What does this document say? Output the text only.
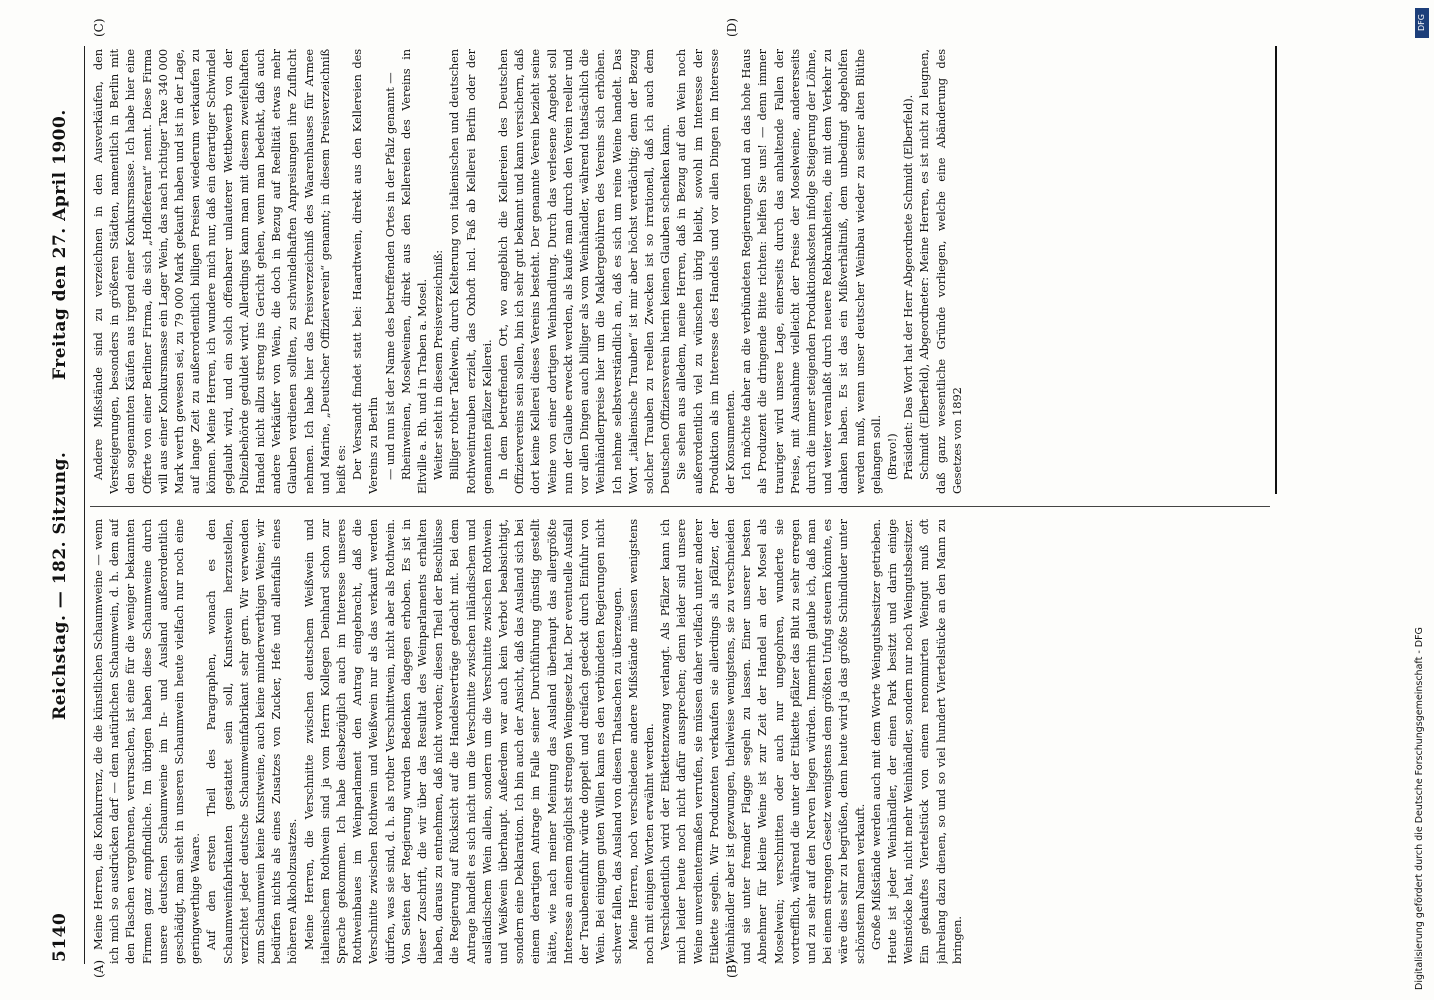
5140
Reichstag. — 182. Sitzung.
Freitag den 27. April 1900.
(A)	(B)
(C)	(D)

Meine Herren, die Konkurrenz, die die künstlichen Schaumweine — wenn ich mich so ausdrücken darf — dem natürlichen Schaumwein, d. h. dem auf den Flaschen vergohrenen, verursachen, ist eine für die weniger bekannten Firmen ganz empfindliche. Im übrigen haben diese Schaumweine durch unsere deutschen Schaumweine im In- und Ausland außerordentlich geschädigt, man sieht in unseren Schaumwein heute vielfach nur noch eine geringwerthige Waare. Auf den ersten Theil des Paragraphen, wonach es den Schaumweinfabrikanten gestattet sein soll, Kunstwein herzustellen, verzichtet jeder deutsche Schaumweinfabrikant sehr gern. Wir verwenden zum Schaumwein keine Kunstweine, auch keine minderwerthigen Weine; wir bedürfen nichts als eines Zusatzes von Zucker, Hefe und allenfalls eines höheren Alkoholzusatzes. Meine Herren, die Verschnitte zwischen deutschem Weißwein und italienischem Rothwein sind ja vom Herrn Kollegen Deinhard schon zur Sprache gekommen. Ich habe diesbezüglich auch im Interesse unseres Rothweinbaues im Weinparlament den Antrag eingebracht, daß die Verschnitte zwischen Rothwein und Weißwein nur als das verkauft werden dürfen, was sie sind, d. h. als rother Verschnittwein, nicht aber als Rothwein. Von Seiten der Regierung wurden Bedenken dagegen erhoben. Es ist in dieser Zuschrift, die wir über das Resultat des Weinparlaments erhalten haben, daraus zu entnehmen, daß nicht worden; diesen Theil der Beschlüsse die Regierung auf Rücksicht auf die Handelsverträge gedacht mit. Bei dem Antrage handelt es sich nicht um die Verschnitte zwischen inländischem und ausländischem Wein allein, sondern um die Verschnitte zwischen Rothwein und Weißwein überhaupt. Außerdem war auch kein Verbot beabsichtigt, sondern eine Deklaration. Ich bin auch der Ansicht, daß das Ausland sich bei einem derartigen Antrage im Falle seiner Durchführung günstig gestellt hätte, wie nach meiner Meinung das Ausland überhaupt das allergrößte Interesse an einem möglichst strengen Weingesetz hat. Der eventuelle Ausfall der Traubeneinfuhr würde doppelt und dreifach gedeckt durch Einfuhr von Wein. Bei einigem guten Willen kann es den verbündeten Regierungen nicht schwer fallen, das Ausland von diesen Thatsachen zu überzeugen. Meine Herren, noch verschiedene andere Mißstände müssen wenigstens noch mit einigen Worten erwähnt werden. Verschiedentlich wird der Etikettenzwang verlangt. Als Pfälzer kann ich mich leider heute noch nicht dafür aussprechen; denn leider sind unsere Weine unverdientermaßen verrufen, sie müssen daher vielfach unter anderer Etikette segeln. Wir Produzenten verkaufen sie allerdings als pfälzer, der Weinhändler aber ist gezwungen, theilweise wenigstens, sie zu verschneiden und sie unter fremder Flagge segeln zu lassen. Einer unserer besten Abnehmer für kleine Weine ist zur Zeit der Handel an der Mosel als Moselwein; verschnitten oder auch nur ungegohren, wunderte sie vortrefflich, während die unter der Etikette pfälzer das Blut zu sehr erregen und zu sehr auf den Nerven liegen würden. Immerhin glaube ich, daß man bei einem strengen Gesetz wenigstens dem größten Unfug steuern könnte, es wäre dies sehr zu begrüßen, denn heute wird ja das größte Schindluder unter schönstem Namen verkauft. Große Mißstände werden auch mit dem Worte Weingutsbesitzer getrieben. Heute ist jeder Weinhändler, der einen Park besitzt und darin einige Weinstöcke hat, nicht mehr Weinhändler, sondern nur noch Weingutsbesitzer. Ein gekauftes Viertelstück von einem renommirten Weingut muß oft jahrelang dazu dienen, so und so viel hundert Viertelstücke an den Mann zu bringen.

Andere Mißstände sind zu verzeichnen in den Ausverkäufen, den Versteigerungen, besonders in größeren Städten, namentlich in Berlin mit den sogenannten Käufen aus irgend einer Konkursmasse. Ich habe hier eine Offerte von einer Berliner Firma, die sich „Hoflieferant“ nennt. Diese Firma will aus einer Konkursmasse ein Lager Wein, das nach richtiger Taxe 340 000 Mark werth gewesen sei, zu 79 000 Mark gekauft haben und ist in der Lage, auf lange Zeit zu außerordentlich billigen Preisen wiederum verkaufen zu können. Meine Herren, ich wundere mich nur, daß ein derartiger Schwindel geglaubt wird, und ein solch offenbarer unlauterer Wettbewerb von der Polizeibehörde geduldet wird. Allerdings kann man mit diesem zweifelhaften Handel nicht allzu streng ins Gericht gehen, wenn man bedenkt, daß auch andere Verkäufer von Wein, die doch in Bezug auf Reellität etwas mehr Glauben verdienen sollten, zu schwindelhaften Anpreisungen ihre Zuflucht nehmen. Ich habe hier das Preisverzeichniß des Waarenhauses für Armee und Marine, „Deutscher Offizierverein“ genannt; in diesem Preisverzeichniß heißt es: Der Versandt findet statt bei: Haardtwein, direkt aus den Kellereien des Vereins zu Berlin — und nun ist der Name des betreffenden Ortes in der Pfalz genannt — Rheinweinen, Moselweinen, direkt aus den Kellereien des Vereins in Eltville a. Rh. und in Traben a. Mosel. Weiter steht in diesem Preisverzeichniß: Billiger rother Tafelwein, durch Kelterung von italienischen und deutschen Rothweintrauben erzielt, das Oxhoft incl. Faß ab Kellerei Berlin oder der genannten pfälzer Kellerei. In dem betreffenden Ort, wo angeblich die Kellereien des Deutschen Offiziervereins sein sollen, bin ich sehr gut bekannt und kann versichern, daß dort keine Kellerei dieses Vereins besteht. Der genannte Verein bezieht seine Weine von einer dortigen Weinhandlung. Durch das verlesene Angebot soll nun der Glaube erweckt werden, als kaufe man durch den Verein reeller und vor allen Dingen auch billiger als vom Weinhändler, während thatsächlich die Weinhändlerpreise hier um die Maklergebühren des Vereins sich erhöhen. Ich nehme selbstverständlich an, daß es sich um reine Weine handelt. Das Wort „italienische Trauben“ ist mir aber höchst verdächtig; denn der Bezug solcher Trauben zu reellen Zwecken ist so irrationell, daß ich auch dem Deutschen Offiziersverein hierin keinen Glauben schenken kann. Sie sehen aus alledem, meine Herren, daß in Bezug auf den Wein noch außerordentlich viel zu wünschen übrig bleibt, sowohl im Interesse der Produktion als im Interesse des Handels und vor allen Dingen im Interesse der Konsumenten. Ich möchte daher an die verbündeten Regierungen und an das hohe Haus als Produzent die dringende Bitte richten: helfen Sie uns! — denn immer trauriger wird unsere Lage, einerseits durch das anhaltende Fallen der Preise, mit Ausnahme vielleicht der Preise der Moselweine, andererseits durch die immer steigenden Produktionskosten infolge Steigerung der Löhne, und weiter veranlaßt durch neuere Rebkrankheiten, die mit dem Verkehr zu danken haben. Es ist das ein Mißverhältniß, dem unbedingt abgeholfen werden muß, wenn unser deutscher Weinbau wieder zu seiner alten Blüthe gelangen soll. (Bravo!) Präsident: Das Wort hat der Herr Abgeordnete Schmidt (Elberfeld). Schmidt (Elberfeld), Abgeordneter: Meine Herren, es ist nicht zu leugnen, daß ganz wesentliche Gründe vorliegen, welche eine Abänderung des Gesetzes von 1892

DFG
Digitalisierung gefördert durch die Deutsche Forschungsgemeinschaft - DFG
